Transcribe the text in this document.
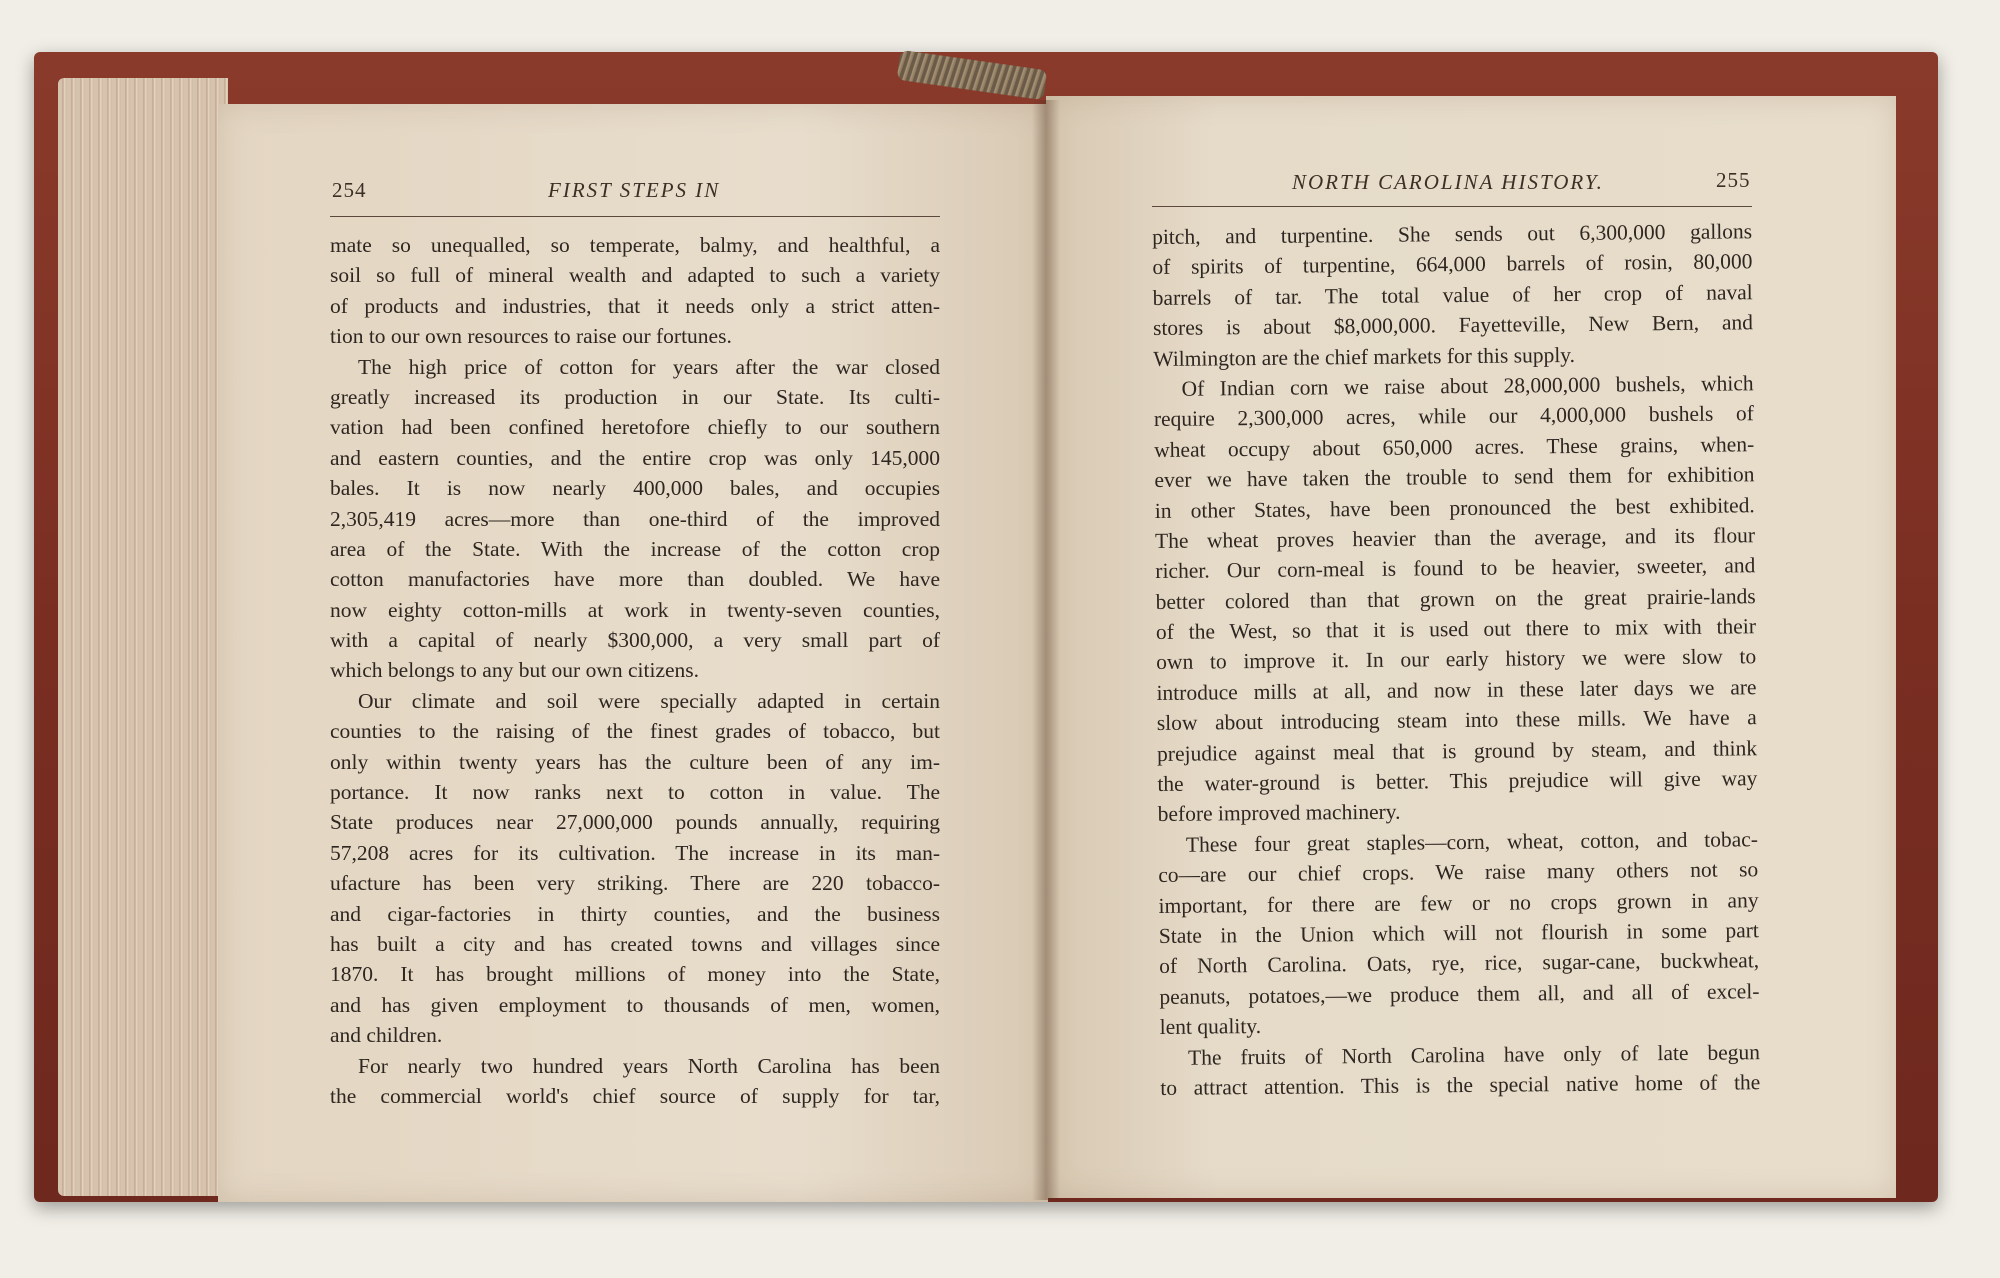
254	FIRST STEPS IN
mate so unequalled, so temperate, balmy, and healthful, a
soil so full of mineral wealth and adapted to such a variety
of products and industries, that it needs only a strict atten-
tion to our own resources to raise our fortunes.
The high price of cotton for years after the war closed
greatly increased its production in our State. Its culti-
vation had been confined heretofore chiefly to our southern
and eastern counties, and the entire crop was only 145,000
bales. It is now nearly 400,000 bales, and occupies
2,305,419 acres—more than one-third of the improved
area of the State. With the increase of the cotton crop
cotton manufactories have more than doubled. We have
now eighty cotton-mills at work in twenty-seven counties,
with a capital of nearly $300,000, a very small part of
which belongs to any but our own citizens.
Our climate and soil were specially adapted in certain
counties to the raising of the finest grades of tobacco, but
only within twenty years has the culture been of any im-
portance. It now ranks next to cotton in value. The
State produces near 27,000,000 pounds annually, requiring
57,208 acres for its cultivation. The increase in its man-
ufacture has been very striking. There are 220 tobacco-
and cigar-factories in thirty counties, and the business
has built a city and has created towns and villages since
1870. It has brought millions of money into the State,
and has given employment to thousands of men, women,
and children.
For nearly two hundred years North Carolina has been
the commercial world's chief source of supply for tar,
NORTH CAROLINA HISTORY.	255
pitch, and turpentine. She sends out 6,300,000 gallons
of spirits of turpentine, 664,000 barrels of rosin, 80,000
barrels of tar. The total value of her crop of naval
stores is about $8,000,000. Fayetteville, New Bern, and
Wilmington are the chief markets for this supply.
Of Indian corn we raise about 28,000,000 bushels, which
require 2,300,000 acres, while our 4,000,000 bushels of
wheat occupy about 650,000 acres. These grains, when-
ever we have taken the trouble to send them for exhibition
in other States, have been pronounced the best exhibited.
The wheat proves heavier than the average, and its flour
richer. Our corn-meal is found to be heavier, sweeter, and
better colored than that grown on the great prairie-lands
of the West, so that it is used out there to mix with their
own to improve it. In our early history we were slow to
introduce mills at all, and now in these later days we are
slow about introducing steam into these mills. We have a
prejudice against meal that is ground by steam, and think
the water-ground is better. This prejudice will give way
before improved machinery.
These four great staples—corn, wheat, cotton, and tobac-
co—are our chief crops. We raise many others not so
important, for there are few or no crops grown in any
State in the Union which will not flourish in some part
of North Carolina. Oats, rye, rice, sugar-cane, buckwheat,
peanuts, potatoes,—we produce them all, and all of excel-
lent quality.
The fruits of North Carolina have only of late begun
to attract attention. This is the special native home of the
